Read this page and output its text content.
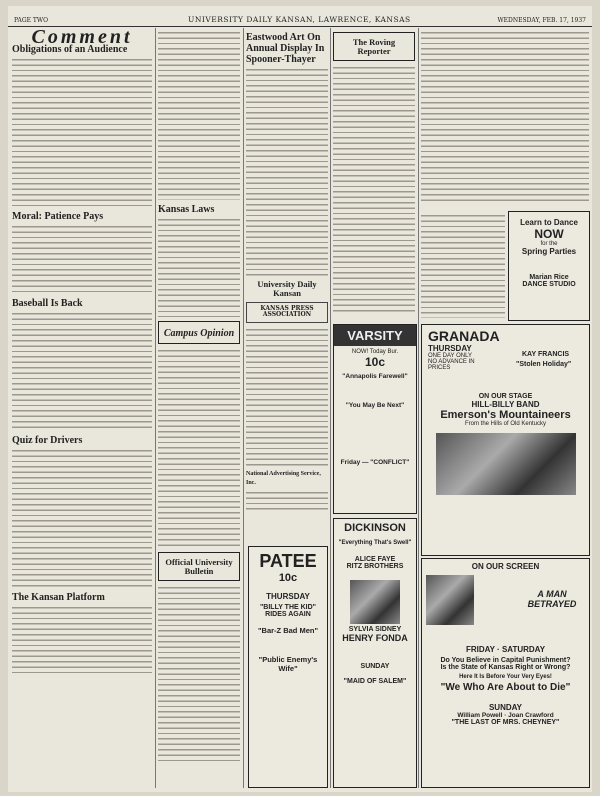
PAGE TWO	UNIVERSITY DAILY KANSAN, LAWRENCE, KANSAS	WEDNESDAY, FEB. 17, 1937
Comment
Obligations of an Audience
Moral: Patience Pays
Baseball Is Back
Quiz for Drivers
The Kansan Platform
Kansas Laws
Campus Opinion
Official University Bulletin
Eastwood Art On Annual Display In Spooner-Thayer
University Daily Kansan
KANSAS PRESS ASSOCIATION
National Advertising Service, Inc.
PATEE
10c
THURSDAY
"BILLY THE KID" RIDES AGAIN
"Bar-Z Bad Men"
"Public Enemy's Wife"
The Roving Reporter
VARSITY
NOW! Today Bur.
10c
"Annapolis Farewell"
"You May Be Next"
Friday — "CONFLICT"
DICKINSON
"Everything That's Swell"
ALICE FAYE
RITZ BROTHERS
SYLVIA SIDNEY
HENRY FONDA
SUNDAY
"MAID OF SALEM"
Learn to Dance
NOW
for the
Spring Parties
Marian Rice
DANCE STUDIO
GRANADA
THURSDAY
ONE DAY ONLY
NO ADVANCE IN PRICES
KAY FRANCIS
"Stolen Holiday"
ON OUR STAGE
HILL-BILLY BAND
Emerson's Mountaineers
From the Hills of Old Kentucky
ON OUR SCREEN
A MAN BETRAYED
FRIDAY · SATURDAY
Do You Believe in Capital Punishment?
Is the State of Kansas Right or Wrong?
Here It Is Before Your Very Eyes!
"We Who Are About to Die"
SUNDAY
William Powell · Joan Crawford
"THE LAST OF MRS. CHEYNEY"
